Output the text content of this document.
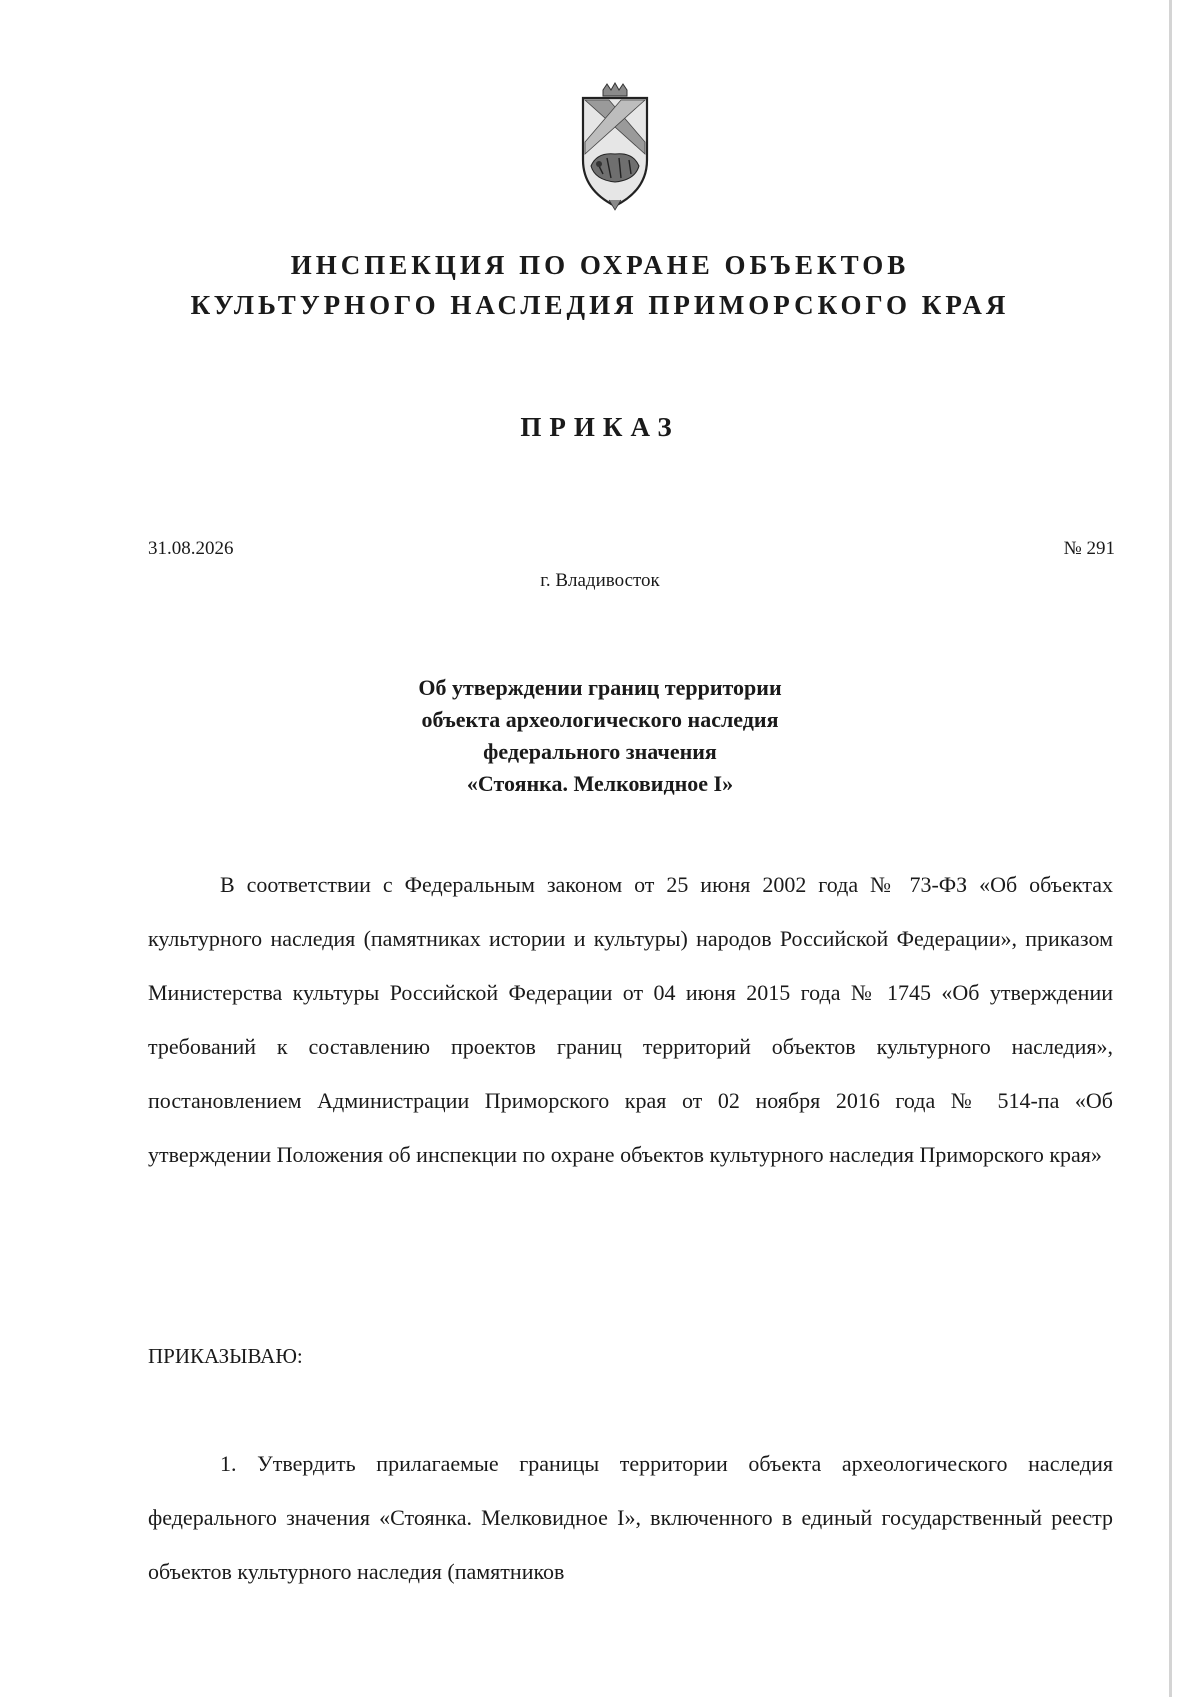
ИНСПЕКЦИЯ ПО ОХРАНЕ ОБЪЕКТОВ
КУЛЬТУРНОГО НАСЛЕДИЯ ПРИМОРСКОГО КРАЯ
ПРИКАЗ
31.08.2026	№ 291
г. Владивосток
Об утверждении границ территории
объекта археологического наследия
федерального значения
«Стоянка. Мелковидное I»
В соответствии с Федеральным законом от 25 июня 2002 года № 73-ФЗ «Об объектах культурного наследия (памятниках истории и культуры) народов Российской Федерации», приказом Министерства культуры Российской Федерации от 04 июня 2015 года № 1745 «Об утверждении требований к составлению проектов границ территорий объектов культурного наследия», постановлением Администрации Приморского края от 02 ноября 2016 года № 514-па «Об утверждении Положения об инспекции по охране объектов культурного наследия Приморского края»
ПРИКАЗЫВАЮ:
1. Утвердить прилагаемые границы территории объекта археологического наследия федерального значения «Стоянка. Мелковидное I», включенного в единый государственный реестр объектов культурного наследия (памятников
